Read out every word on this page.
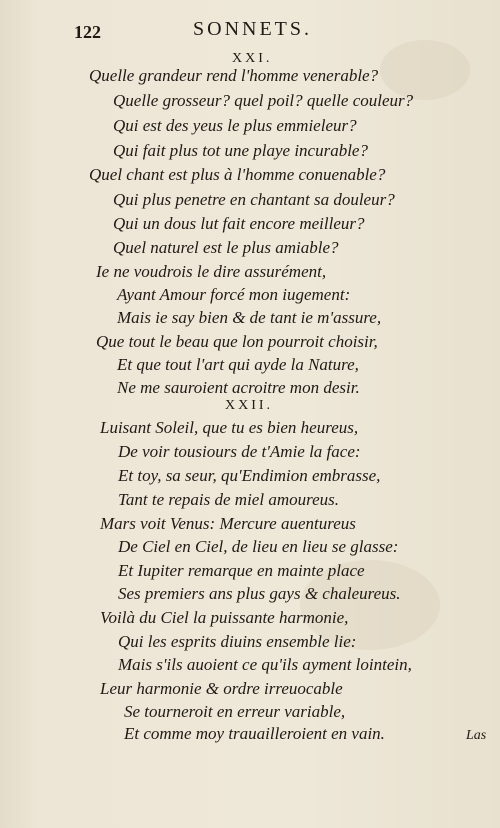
122	SONNETS.
XXI.
Quelle grandeur rend l'homme venerable?
Quelle grosseur? quel poil? quelle couleur?
Qui est des yeus le plus emmieleur?
Qui fait plus tot une playe incurable?
Quel chant est plus à l'homme conuenable?
Qui plus penetre en chantant sa douleur?
Qui un dous lut fait encore meilleur?
Quel naturel est le plus amiable?
Ie ne voudrois le dire assurément,
Ayant Amour forcé mon iugement:
Mais ie say bien & de tant ie m'assure,
Que tout le beau que lon pourroit choisir,
Et que tout l'art qui ayde la Nature,
Ne me sauroient acroitre mon desir.
XXII.
Luisant Soleil, que tu es bien heureus,
De voir tousiours de t'Amie la face:
Et toy, sa seur, qu'Endimion embrasse,
Tant te repais de miel amoureus.
Mars voit Venus: Mercure auentureus
De Ciel en Ciel, de lieu en lieu se glasse:
Et Iupiter remarque en mainte place
Ses premiers ans plus gays & chaleureus.
Voilà du Ciel la puissante harmonie,
Qui les esprits diuins ensemble lie:
Mais s'ils auoient ce qu'ils ayment lointein,
Leur harmonie & ordre irreuocable
Se tourneroit en erreur variable,
Et comme moy trauailleroient en vain.	Las
